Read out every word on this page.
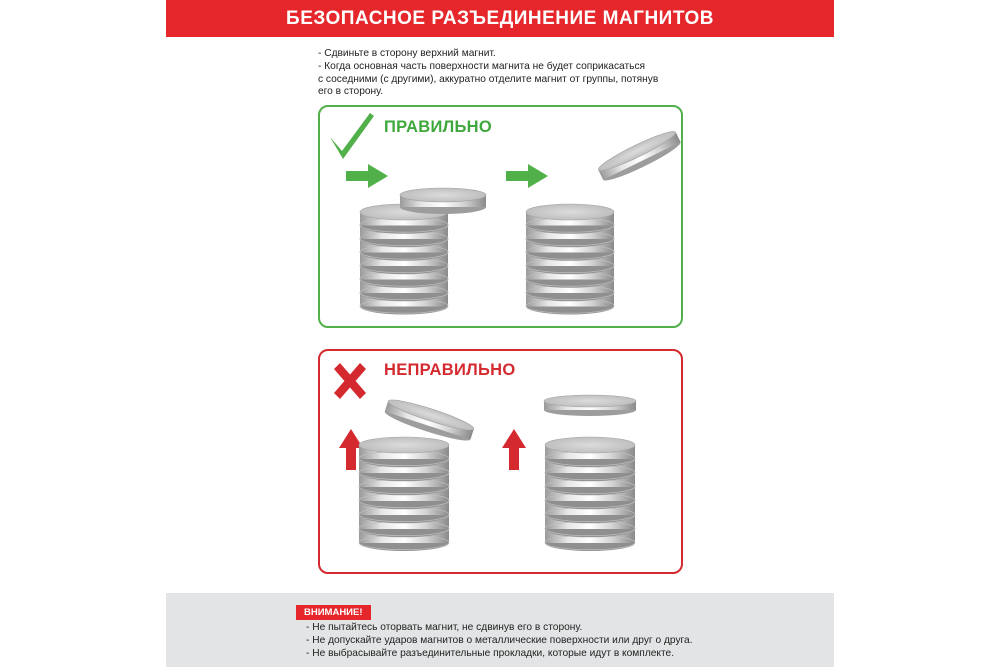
БЕЗОПАСНОЕ РАЗЪЕДИНЕНИЕ МАГНИТОВ
- Сдвиньте в сторону верхний магнит.
- Когда основная часть поверхности магнита не будет соприкасаться
с соседними (с другими), аккуратно отделите магнит от группы, потянув
его в сторону.
ПРАВИЛЬНО
НЕПРАВИЛЬНО
ВНИМАНИЕ!
- Не пытайтесь оторвать магнит, не сдвинув его в сторону.
- Не допускайте ударов магнитов о металлические поверхности или друг о друга.
- Не выбрасывайте разъединительные прокладки, которые идут в комплекте.
